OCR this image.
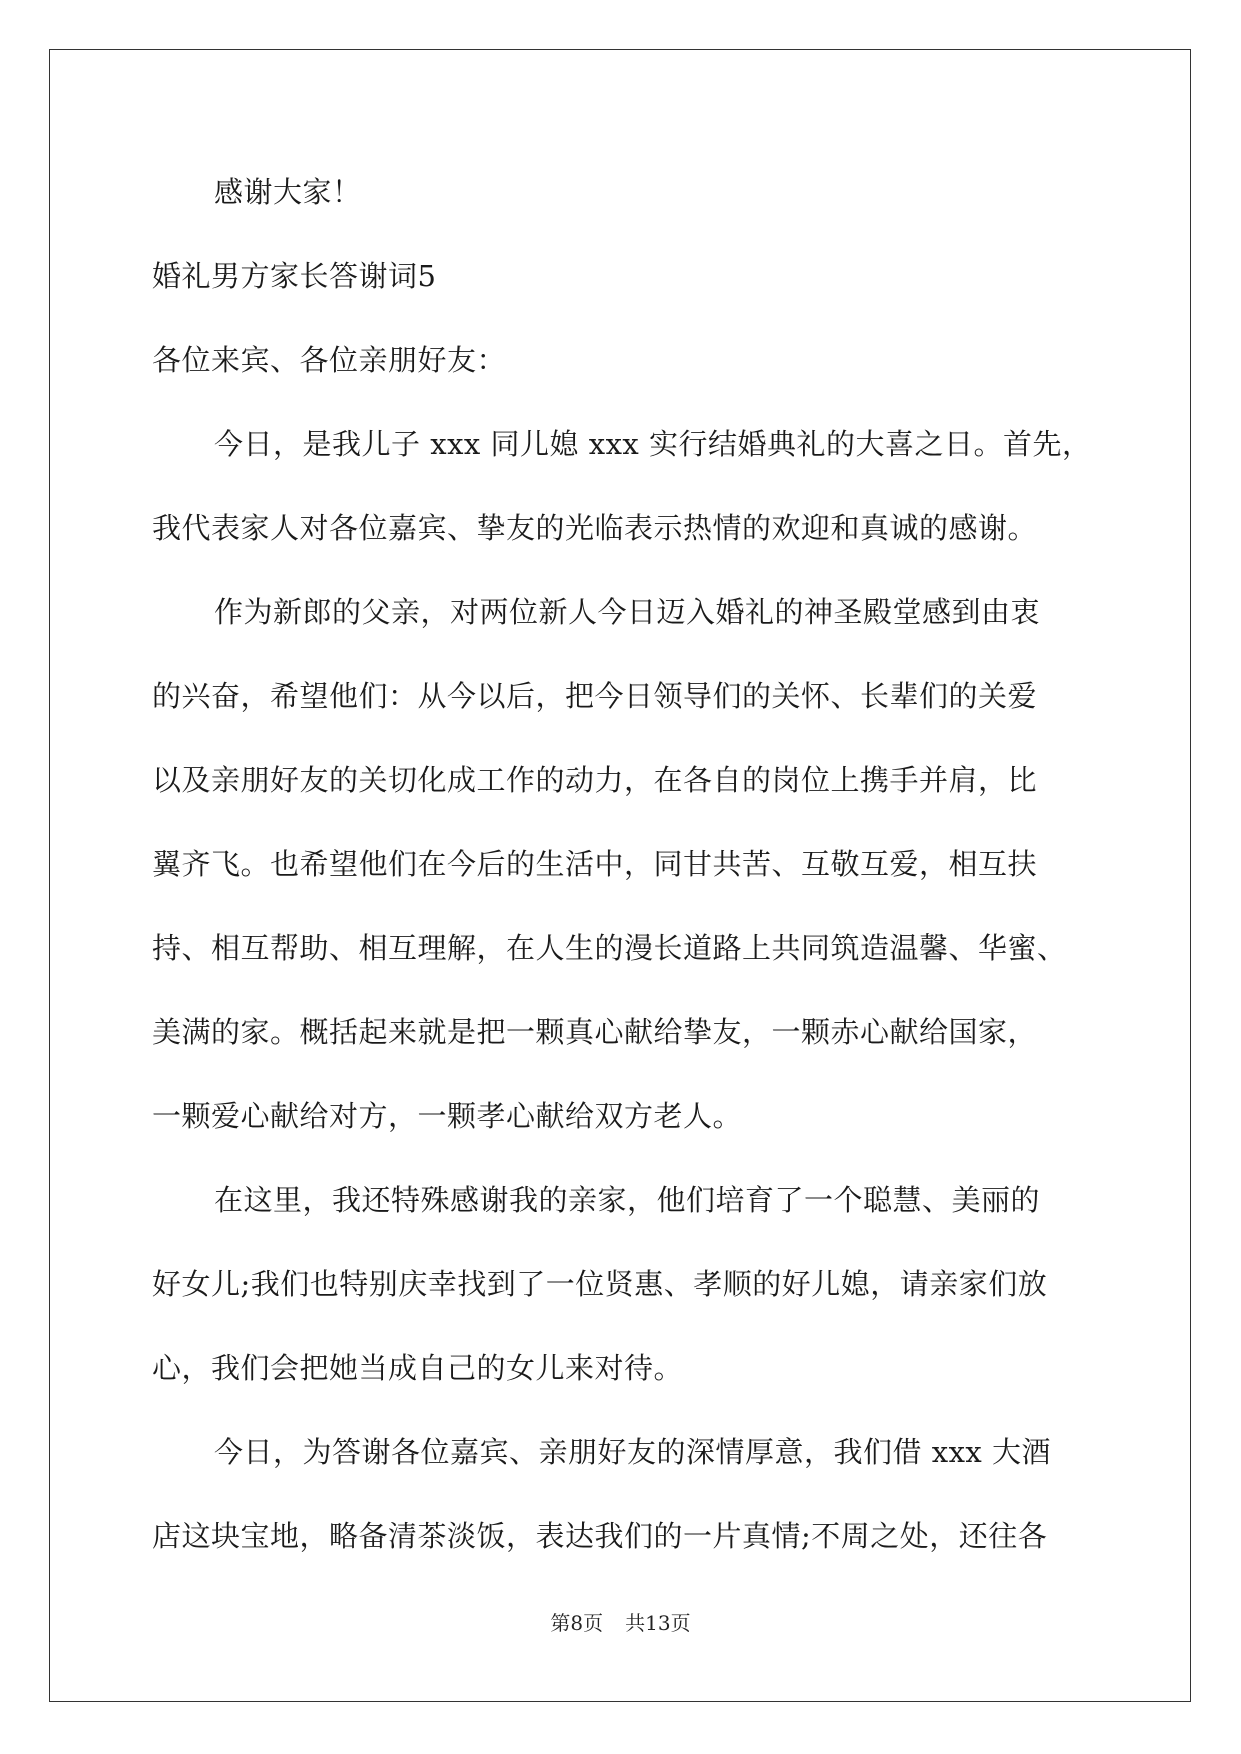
感谢大家！
婚礼男方家长答谢词5
各位来宾、各位亲朋好友：
今日，是我儿子 xxx 同儿媳 xxx 实行结婚典礼的大喜之日。首先，
我代表家人对各位嘉宾、挚友的光临表示热情的欢迎和真诚的感谢。
作为新郎的父亲，对两位新人今日迈入婚礼的神圣殿堂感到由衷
的兴奋，希望他们：从今以后，把今日领导们的关怀、长辈们的关爱
以及亲朋好友的关切化成工作的动力，在各自的岗位上携手并肩，比
翼齐飞。也希望他们在今后的生活中，同甘共苦、互敬互爱，相互扶
持、相互帮助、相互理解，在人生的漫长道路上共同筑造温馨、华蜜、
美满的家。概括起来就是把一颗真心献给挚友，一颗赤心献给国家，
一颗爱心献给对方，一颗孝心献给双方老人。
在这里，我还特殊感谢我的亲家，他们培育了一个聪慧、美丽的
好女儿;我们也特别庆幸找到了一位贤惠、孝顺的好儿媳，请亲家们放
心，我们会把她当成自己的女儿来对待。
今日，为答谢各位嘉宾、亲朋好友的深情厚意，我们借 xxx 大酒
店这块宝地，略备清茶淡饭，表达我们的一片真情;不周之处，还往各
第8页 共13页
